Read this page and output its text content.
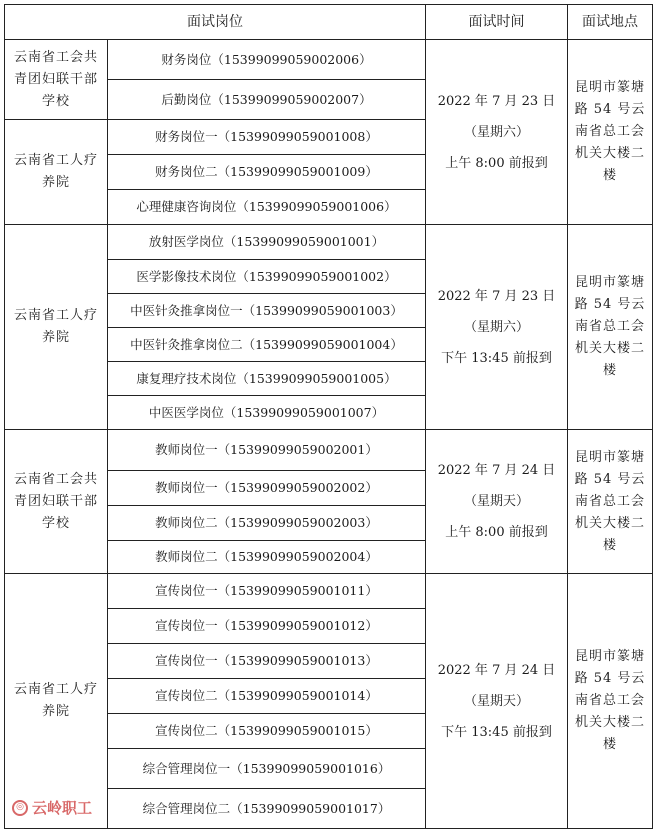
面试岗位	面试时间	面试地点
云南省工会共青团妇联干部学校
云南省工人疗养院
云南省工人疗养院
云南省工会共青团妇联干部学校
云南省工人疗养院
财务岗位（15399099059002006）
后勤岗位（15399099059002007）
财务岗位一（15399099059001008）
财务岗位二（15399099059001009）
心理健康咨询岗位（15399099059001006）
放射医学岗位（15399099059001001）
医学影像技术岗位（15399099059001002）
中医针灸推拿岗位一（15399099059001003）
中医针灸推拿岗位二（15399099059001004）
康复理疗技术岗位（15399099059001005）
中医医学岗位（15399099059001007）
教师岗位一（15399099059002001）
教师岗位一（15399099059002002）
教师岗位二（15399099059002003）
教师岗位二（15399099059002004）
宣传岗位一（15399099059001011）
宣传岗位一（15399099059001012）
宣传岗位一（15399099059001013）
宣传岗位二（15399099059001014）
宣传岗位二（15399099059001015）
综合管理岗位一（15399099059001016）
综合管理岗位二（15399099059001017）
2022 年 7 月 23 日
（星期六）
上午 8:00 前报到
2022 年 7 月 23 日
（星期六）
下午 13:45 前报到
2022 年 7 月 24 日
（星期天）
上午 8:00 前报到
2022 年 7 月 24 日
（星期天）
下午 13:45 前报到
昆明市篆塘路 54 号云南省总工会机关大楼二楼
昆明市篆塘路 54 号云南省总工会机关大楼二楼
昆明市篆塘路 54 号云南省总工会机关大楼二楼
昆明市篆塘路 54 号云南省总工会机关大楼二楼
◎ 云岭职工
